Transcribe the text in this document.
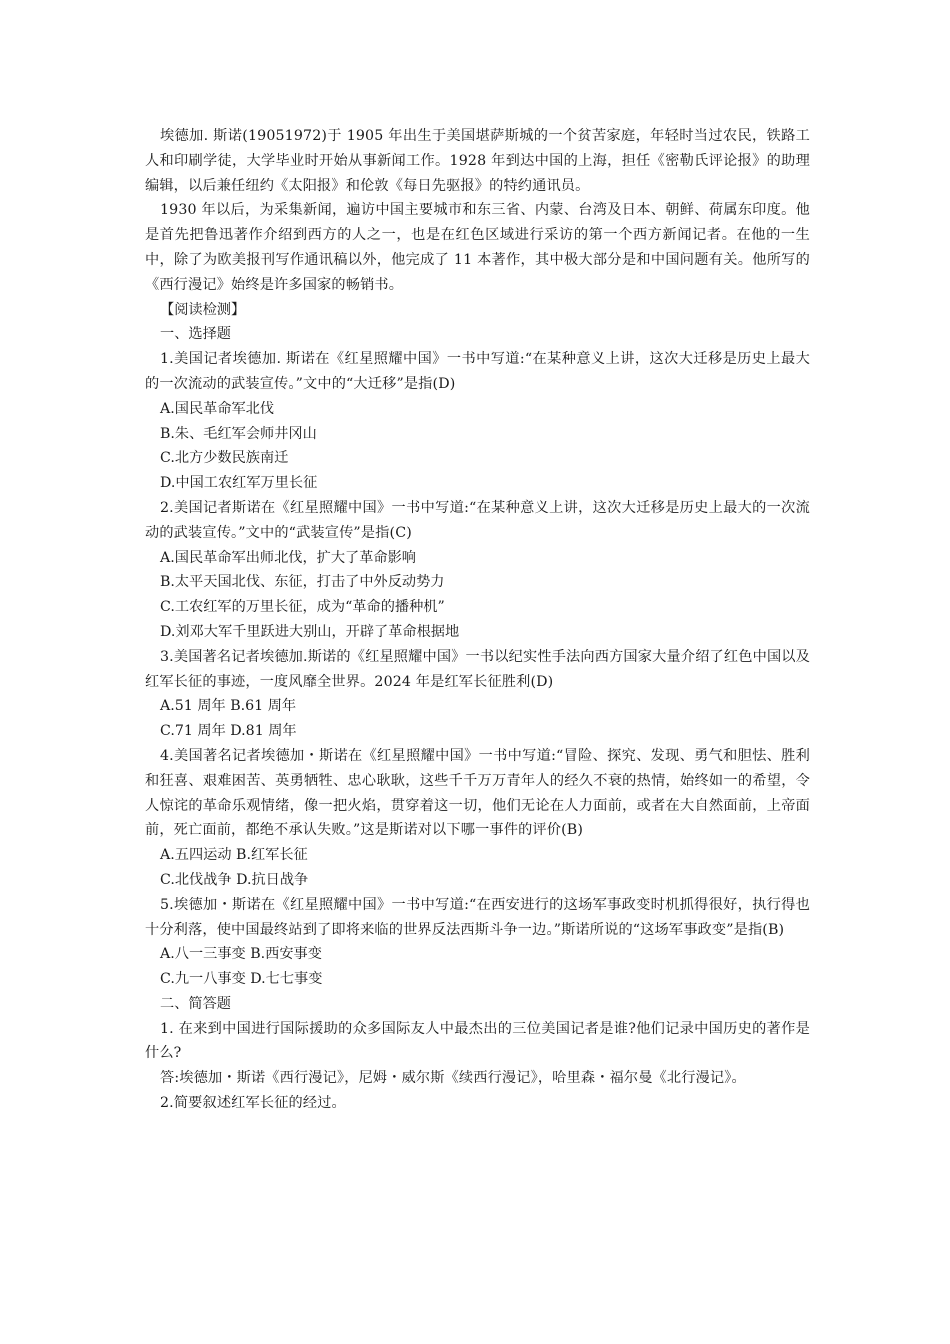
埃德加. 斯诺(19051972)于 1905 年出生于美国堪萨斯城的一个贫苦家庭，年轻时当过农民，铁路工人和印刷学徒，大学毕业时开始从事新闻工作。1928 年到达中国的上海，担任《密勒氏评论报》的助理编辑，以后兼任纽约《太阳报》和伦敦《每日先驱报》的特约通讯员。

1930 年以后，为采集新闻，遍访中国主要城市和东三省、内蒙、台湾及日本、朝鲜、荷属东印度。他是首先把鲁迅著作介绍到西方的人之一，也是在红色区域进行采访的第一个西方新闻记者。在他的一生中，除了为欧美报刊写作通讯稿以外，他完成了 11 本著作，其中极大部分是和中国问题有关。他所写的《西行漫记》始终是许多国家的畅销书。

【阅读检测】

一、选择题

1.美国记者埃德加. 斯诺在《红星照耀中国》一书中写道:“在某种意义上讲，这次大迁移是历史上最大的一次流动的武装宣传。”文中的“大迁移”是指(D)

A.国民革命军北伐

B.朱、毛红军会师井冈山

C.北方少数民族南迁

D.中国工农红军万里长征

2.美国记者斯诺在《红星照耀中国》一书中写道:“在某种意义上讲，这次大迁移是历史上最大的一次流动的武装宣传。”文中的“武装宣传”是指(C)

A.国民革命军出师北伐，扩大了革命影响

B.太平天国北伐、东征，打击了中外反动势力

C.工农红军的万里长征，成为“革命的播种机”

D.刘邓大军千里跃进大别山，开辟了革命根据地

3.美国著名记者埃德加.斯诺的《红星照耀中国》一书以纪实性手法向西方国家大量介绍了红色中国以及红军长征的事迹，一度风靡全世界。2024 年是红军长征胜利(D)

A.51 周年 B.61 周年

C.71 周年 D.81 周年

4.美国著名记者埃德加・斯诺在《红星照耀中国》一书中写道:“冒险、探究、发现、勇气和胆怯、胜利和狂喜、艰难困苦、英勇牺牲、忠心耿耿，这些千千万万青年人的经久不衰的热情，始终如一的希望，令人惊诧的革命乐观情绪，像一把火焰，贯穿着这一切，他们无论在人力面前，或者在大自然面前，上帝面前，死亡面前，都绝不承认失败。”这是斯诺对以下哪一事件的评价(B)

A.五四运动 B.红军长征

C.北伐战争 D.抗日战争

5.埃德加・斯诺在《红星照耀中国》一书中写道:“在西安进行的这场军事政变时机抓得很好，执行得也十分利落，使中国最终站到了即将来临的世界反法西斯斗争一边。”斯诺所说的“这场军事政变”是指(B)

A.八一三事变 B.西安事变

C.九一八事变 D.七七事变

二、简答题

1. 在来到中国进行国际援助的众多国际友人中最杰出的三位美国记者是谁?他们记录中国历史的著作是什么?

答:埃德加・斯诺《西行漫记》，尼姆・威尔斯《续西行漫记》，哈里森・福尔曼《北行漫记》。

2.简要叙述红军长征的经过。
